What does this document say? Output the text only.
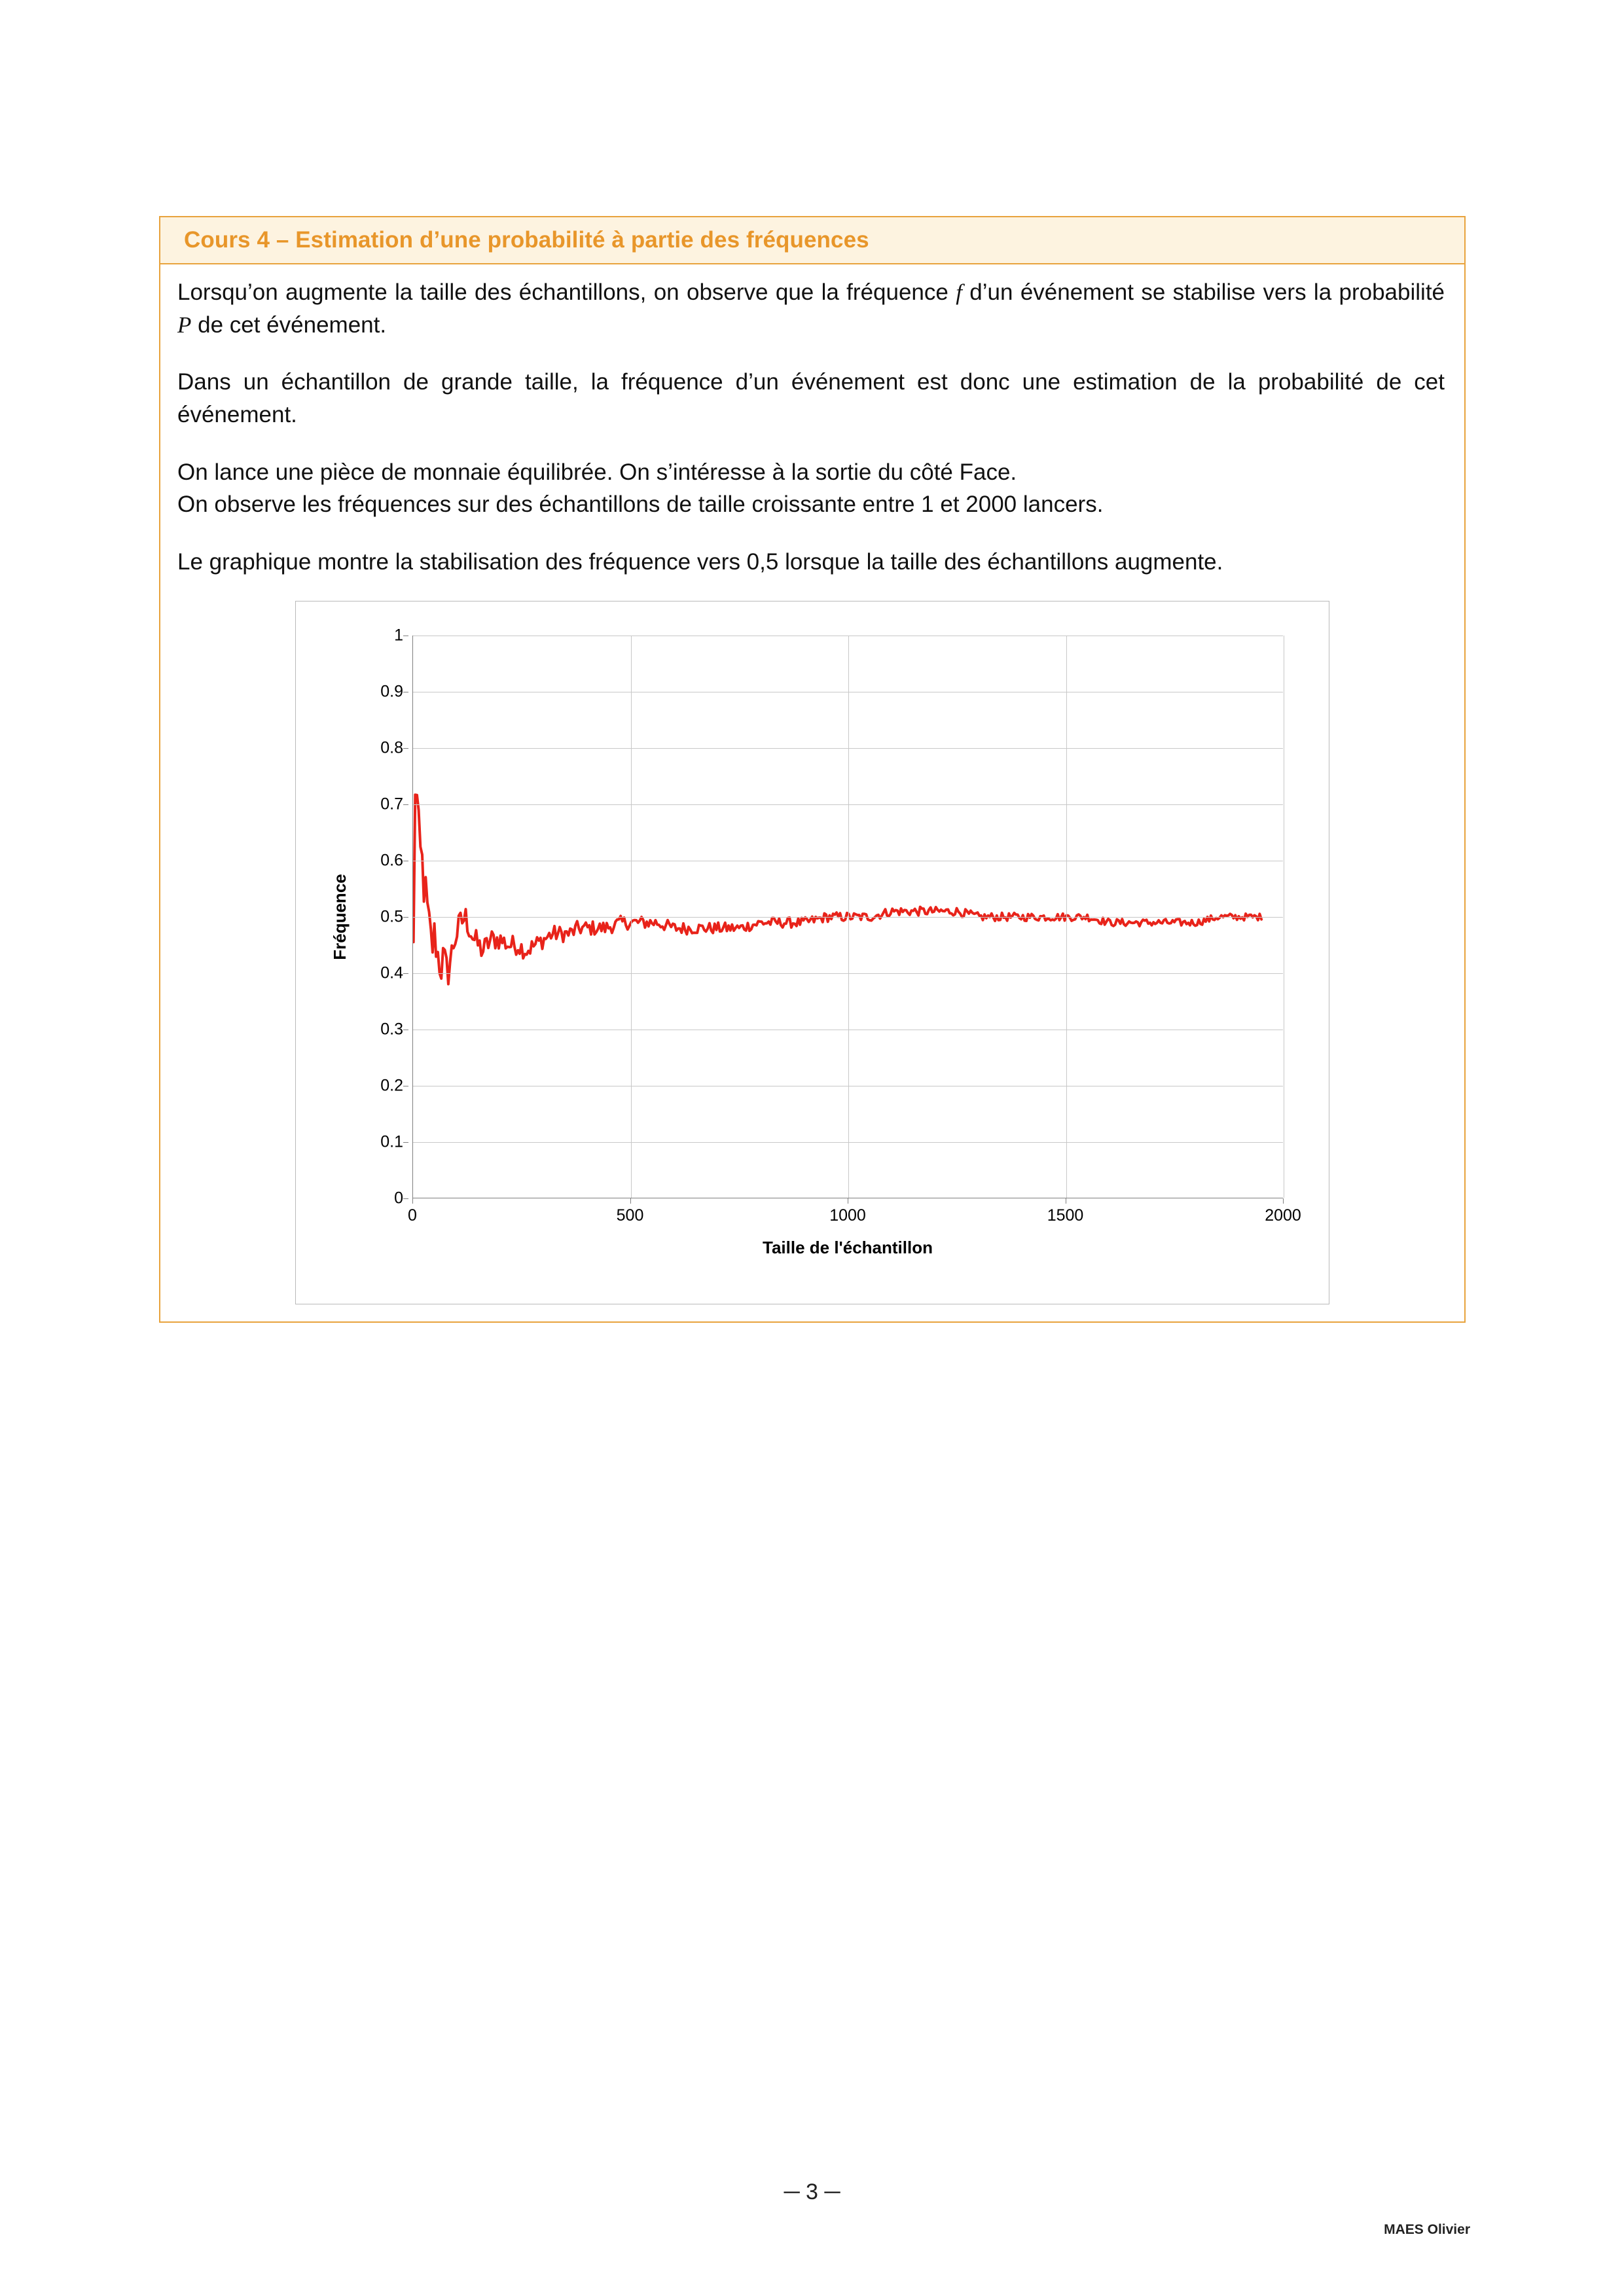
Cours 4 – Estimation d’une probabilité à partie des fréquences

Lorsqu’on augmente la taille des échantillons, on observe que la fréquence f d’un événement se stabilise vers la probabilité P de cet événement.

Dans un échantillon de grande taille, la fréquence d’un événement est donc une estimation de la probabilité de cet événement.

On lance une pièce de monnaie équilibrée. On s’intéresse à la sortie du côté Face.

On observe les fréquences sur des échantillons de taille croissante entre 1 et 2000 lancers.

Le graphique montre la stabilisation des fréquence vers 0,5 lorsque la taille des échantillons augmente.

0
0.1
0.2
0.3
0.4
0.5
0.6
0.7
0.8
0.9
1
0	500	1000	1500	2000
Taille de l'échantillon
Fréquence
─ 3 ─
MAES Olivier
